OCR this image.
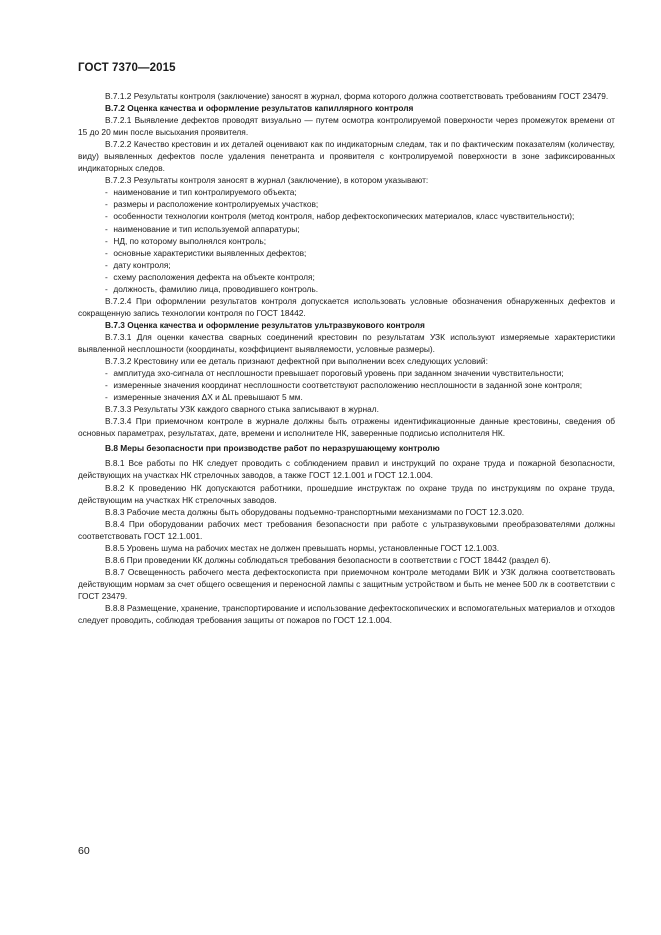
ГОСТ 7370—2015
В.7.1.2 Результаты контроля (заключение) заносят в журнал, форма которого должна соответствовать требованиям ГОСТ 23479.
В.7.2 Оценка качества и оформление результатов капиллярного контроля
В.7.2.1 Выявление дефектов проводят визуально — путем осмотра контролируемой поверхности через промежуток времени от 15 до 20 мин после высыхания проявителя.
В.7.2.2 Качество крестовин и их деталей оценивают как по индикаторным следам, так и по фактическим показателям (количеству, виду) выявленных дефектов после удаления пенетранта и проявителя с контролируемой поверхности в зоне зафиксированных индикаторных следов.
В.7.2.3 Результаты контроля заносят в журнал (заключение), в котором указывают:
- наименование и тип контролируемого объекта;
- размеры и расположение контролируемых участков;
- особенности технологии контроля (метод контроля, набор дефектоскопических материалов, класс чувствительности);
- наименование и тип используемой аппаратуры;
- НД, по которому выполнялся контроль;
- основные характеристики выявленных дефектов;
- дату контроля;
- схему расположения дефекта на объекте контроля;
- должность, фамилию лица, проводившего контроль.
В.7.2.4 При оформлении результатов контроля допускается использовать условные обозначения обнаруженных дефектов и сокращенную запись технологии контроля по ГОСТ 18442.
В.7.3 Оценка качества и оформление результатов ультразвукового контроля
В.7.3.1 Для оценки качества сварных соединений крестовин по результатам УЗК используют измеряемые характеристики выявленной несплошности (координаты, коэффициент выявляемости, условные размеры).
В.7.3.2 Крестовину или ее деталь признают дефектной при выполнении всех следующих условий:
- амплитуда эхо-сигнала от несплошности превышает пороговый уровень при заданном значении чувствительности;
- измеренные значения координат несплошности соответствуют расположению несплошности в заданной зоне контроля;
- измеренные значения ΔX и ΔL превышают 5 мм.
В.7.3.3 Результаты УЗК каждого сварного стыка записывают в журнал.
В.7.3.4 При приемочном контроле в журнале должны быть отражены идентификационные данные крестовины, сведения об основных параметрах, результатах, дате, времени и исполнителе НК, заверенные подписью исполнителя НК.
В.8 Меры безопасности при производстве работ по неразрушающему контролю
В.8.1 Все работы по НК следует проводить с соблюдением правил и инструкций по охране труда и пожарной безопасности, действующих на участках НК стрелочных заводов, а также ГОСТ 12.1.001 и ГОСТ 12.1.004.
В.8.2 К проведению НК допускаются работники, прошедшие инструктаж по охране труда по инструкциям по охране труда, действующим на участках НК стрелочных заводов.
В.8.3 Рабочие места должны быть оборудованы подъемно-транспортными механизмами по ГОСТ 12.3.020.
В.8.4 При оборудовании рабочих мест требования безопасности при работе с ультразвуковыми преобразователями должны соответствовать ГОСТ 12.1.001.
В.8.5 Уровень шума на рабочих местах не должен превышать нормы, установленные ГОСТ 12.1.003.
В.8.6 При проведении КК должны соблюдаться требования безопасности в соответствии с ГОСТ 18442 (раздел 6).
В.8.7 Освещенность рабочего места дефектоскописта при приемочном контроле методами ВИК и УЗК должна соответствовать действующим нормам за счет общего освещения и переносной лампы с защитным устройством и быть не менее 500 лк в соответствии с ГОСТ 23479.
В.8.8 Размещение, хранение, транспортирование и использование дефектоскопических и вспомогательных материалов и отходов следует проводить, соблюдая требования защиты от пожаров по ГОСТ 12.1.004.
60
